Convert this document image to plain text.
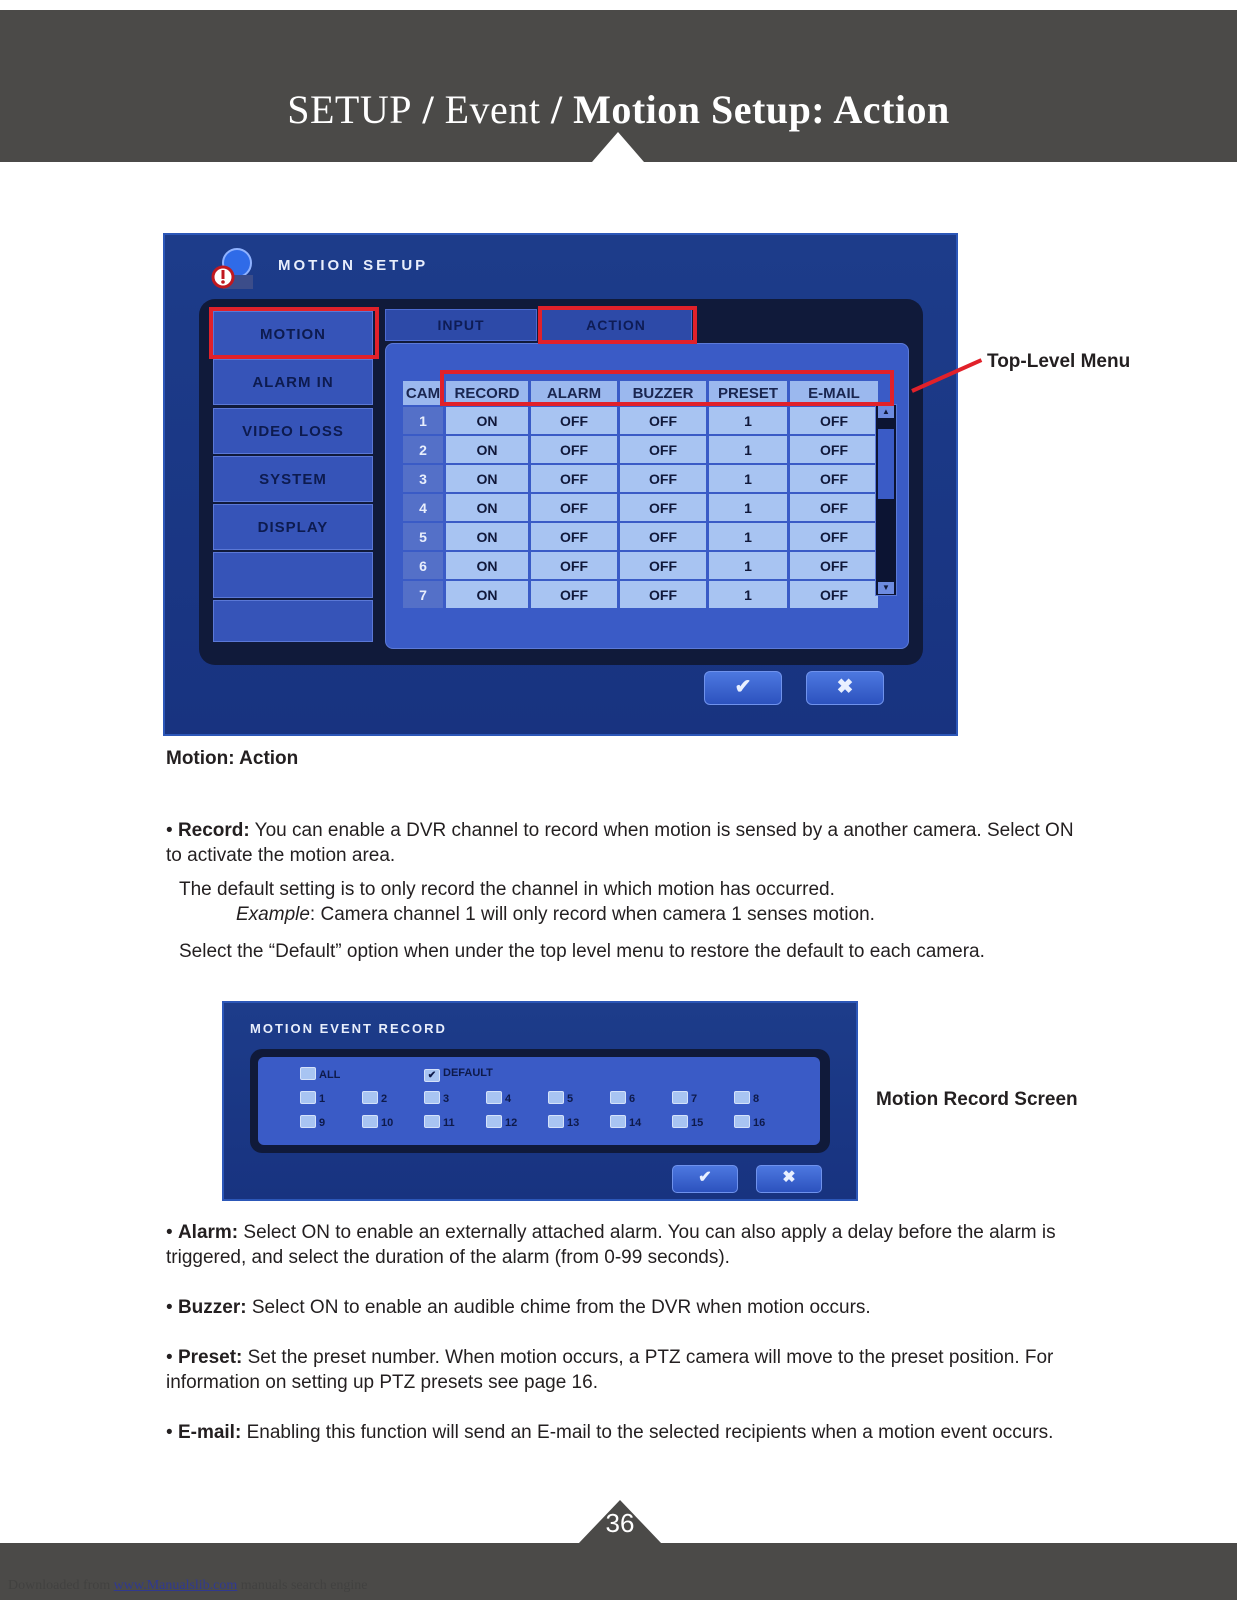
SETUP / Event / Motion Setup: Action
MOTION SETUP
MOTION
ALARM IN
VIDEO LOSS
SYSTEM
DISPLAY
INPUT	ACTION
CAM	RECORD	ALARM	BUZZER	PRESET	E-MAIL
1	ON	OFF	OFF	1	OFF
2	ON	OFF	OFF	1	OFF
3	ON	OFF	OFF	1	OFF
4	ON	OFF	OFF	1	OFF
5	ON	OFF	OFF	1	OFF
6	ON	OFF	OFF	1	OFF
7	ON	OFF	OFF	1	OFF
▲
▼
✔	✖
Top-Level Menu
Motion: Action
• Record: You can enable a DVR channel to record when motion is sensed by a another camera. Select ON to activate the motion area.
The default setting is to only record the channel in which motion has occurred.
Example: Camera channel 1 will only record when camera 1 senses motion.
Select the “Default” option when under the top level menu to restore the default to each camera.
MOTION EVENT RECORD
ALL	✔ DEFAULT
1	2	3	4	5	6	7	8
9	10	11	12	13	14	15	16
✔	✖
Motion Record Screen
• Alarm: Select ON to enable an externally attached alarm. You can also apply a delay before the alarm is triggered, and select the duration of the alarm (from 0-99 seconds).
• Buzzer: Select ON to enable an audible chime from the DVR when motion occurs.
• Preset: Set the preset number. When motion occurs, a PTZ camera will move to the preset position. For information on setting up PTZ presets see page 16.
• E-mail: Enabling this function will send an E-mail to the selected recipients when a motion event occurs.
36
Downloaded from www.Manualslib.com manuals search engine
